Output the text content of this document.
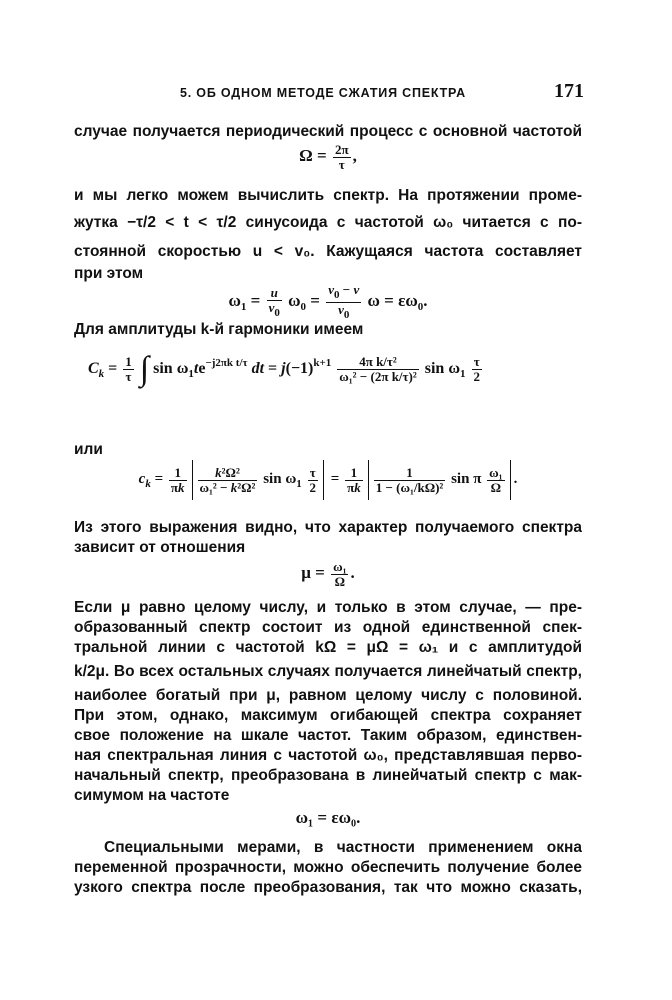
5. ОБ ОДНОМ МЕТОДЕ СЖАТИЯ СПЕКТРА	171
случае получается периодический процесс с основной частотой
$\Omega = \frac{2\pi}{\tau}$ ,
и мы легко можем вычислить спектр. На протяжении проме-
жутка −τ/2 < t < τ/2 синусоида с частотой ω₀ читается с по-
стоянной скоростью u < v₀. Кажущаяся частота составляет
при этом
$\omega_1 = \frac{u}{v_0} \omega_0 = \frac{v_0 - v}{v_0}$ $\omega = \varepsilon\omega_0$.
Для амплитуды k-й гармоники имеем
$C_k = \frac{1}{\tau}$ ∫ $\sin \omega_1te^{-j2\pi k t/\tau}$ dt = $j(-1)^{k+1} \frac{\text{4π k/τ²}}{\text{ω₁² − (2π k/τ)²}}$ $\sin \omega_1 \frac{\tau}{2}$
или
$c_k = \frac{1}{\pi k} \frac{\text{k²Ω²}}{\text{ω₁² − k²Ω²}}$ $\sin \omega_1 \frac{\tau}{2} = \frac{1}{\pi k} \frac{1}{\text{1 − (ω₁/kΩ)²}}$ sin π $\frac{\text{ω₁}}{\Omega}$ .
Из этого выражения видно, что характер получаемого спектра
зависит от отношения
$\mu = \frac{\text{ω₁}}{\Omega}$ .
Если μ равно целому числу, и только в этом случае, — пре-
образованный спектр состоит из одной единственной спек-
тральной линии с частотой kΩ = μΩ = ω₁ и с амплитудой
k/2μ. Во всех остальных случаях получается линейчатый спектр,
наиболее богатый при μ, равном целому числу с половиной.
При этом, однако, максимум огибающей спектра сохраняет
свое положение на шкале частот. Таким образом, единствен-
ная спектральная линия с частотой ω₀, представлявшая перво-
начальный спектр, преобразована в линейчатый спектр с мак-
симумом на частоте
ω₁ = εω₀.
Специальными мерами, в частности применением окна
переменной прозрачности, можно обеспечить получение более
узкого спектра после преобразования, так что можно сказать,
